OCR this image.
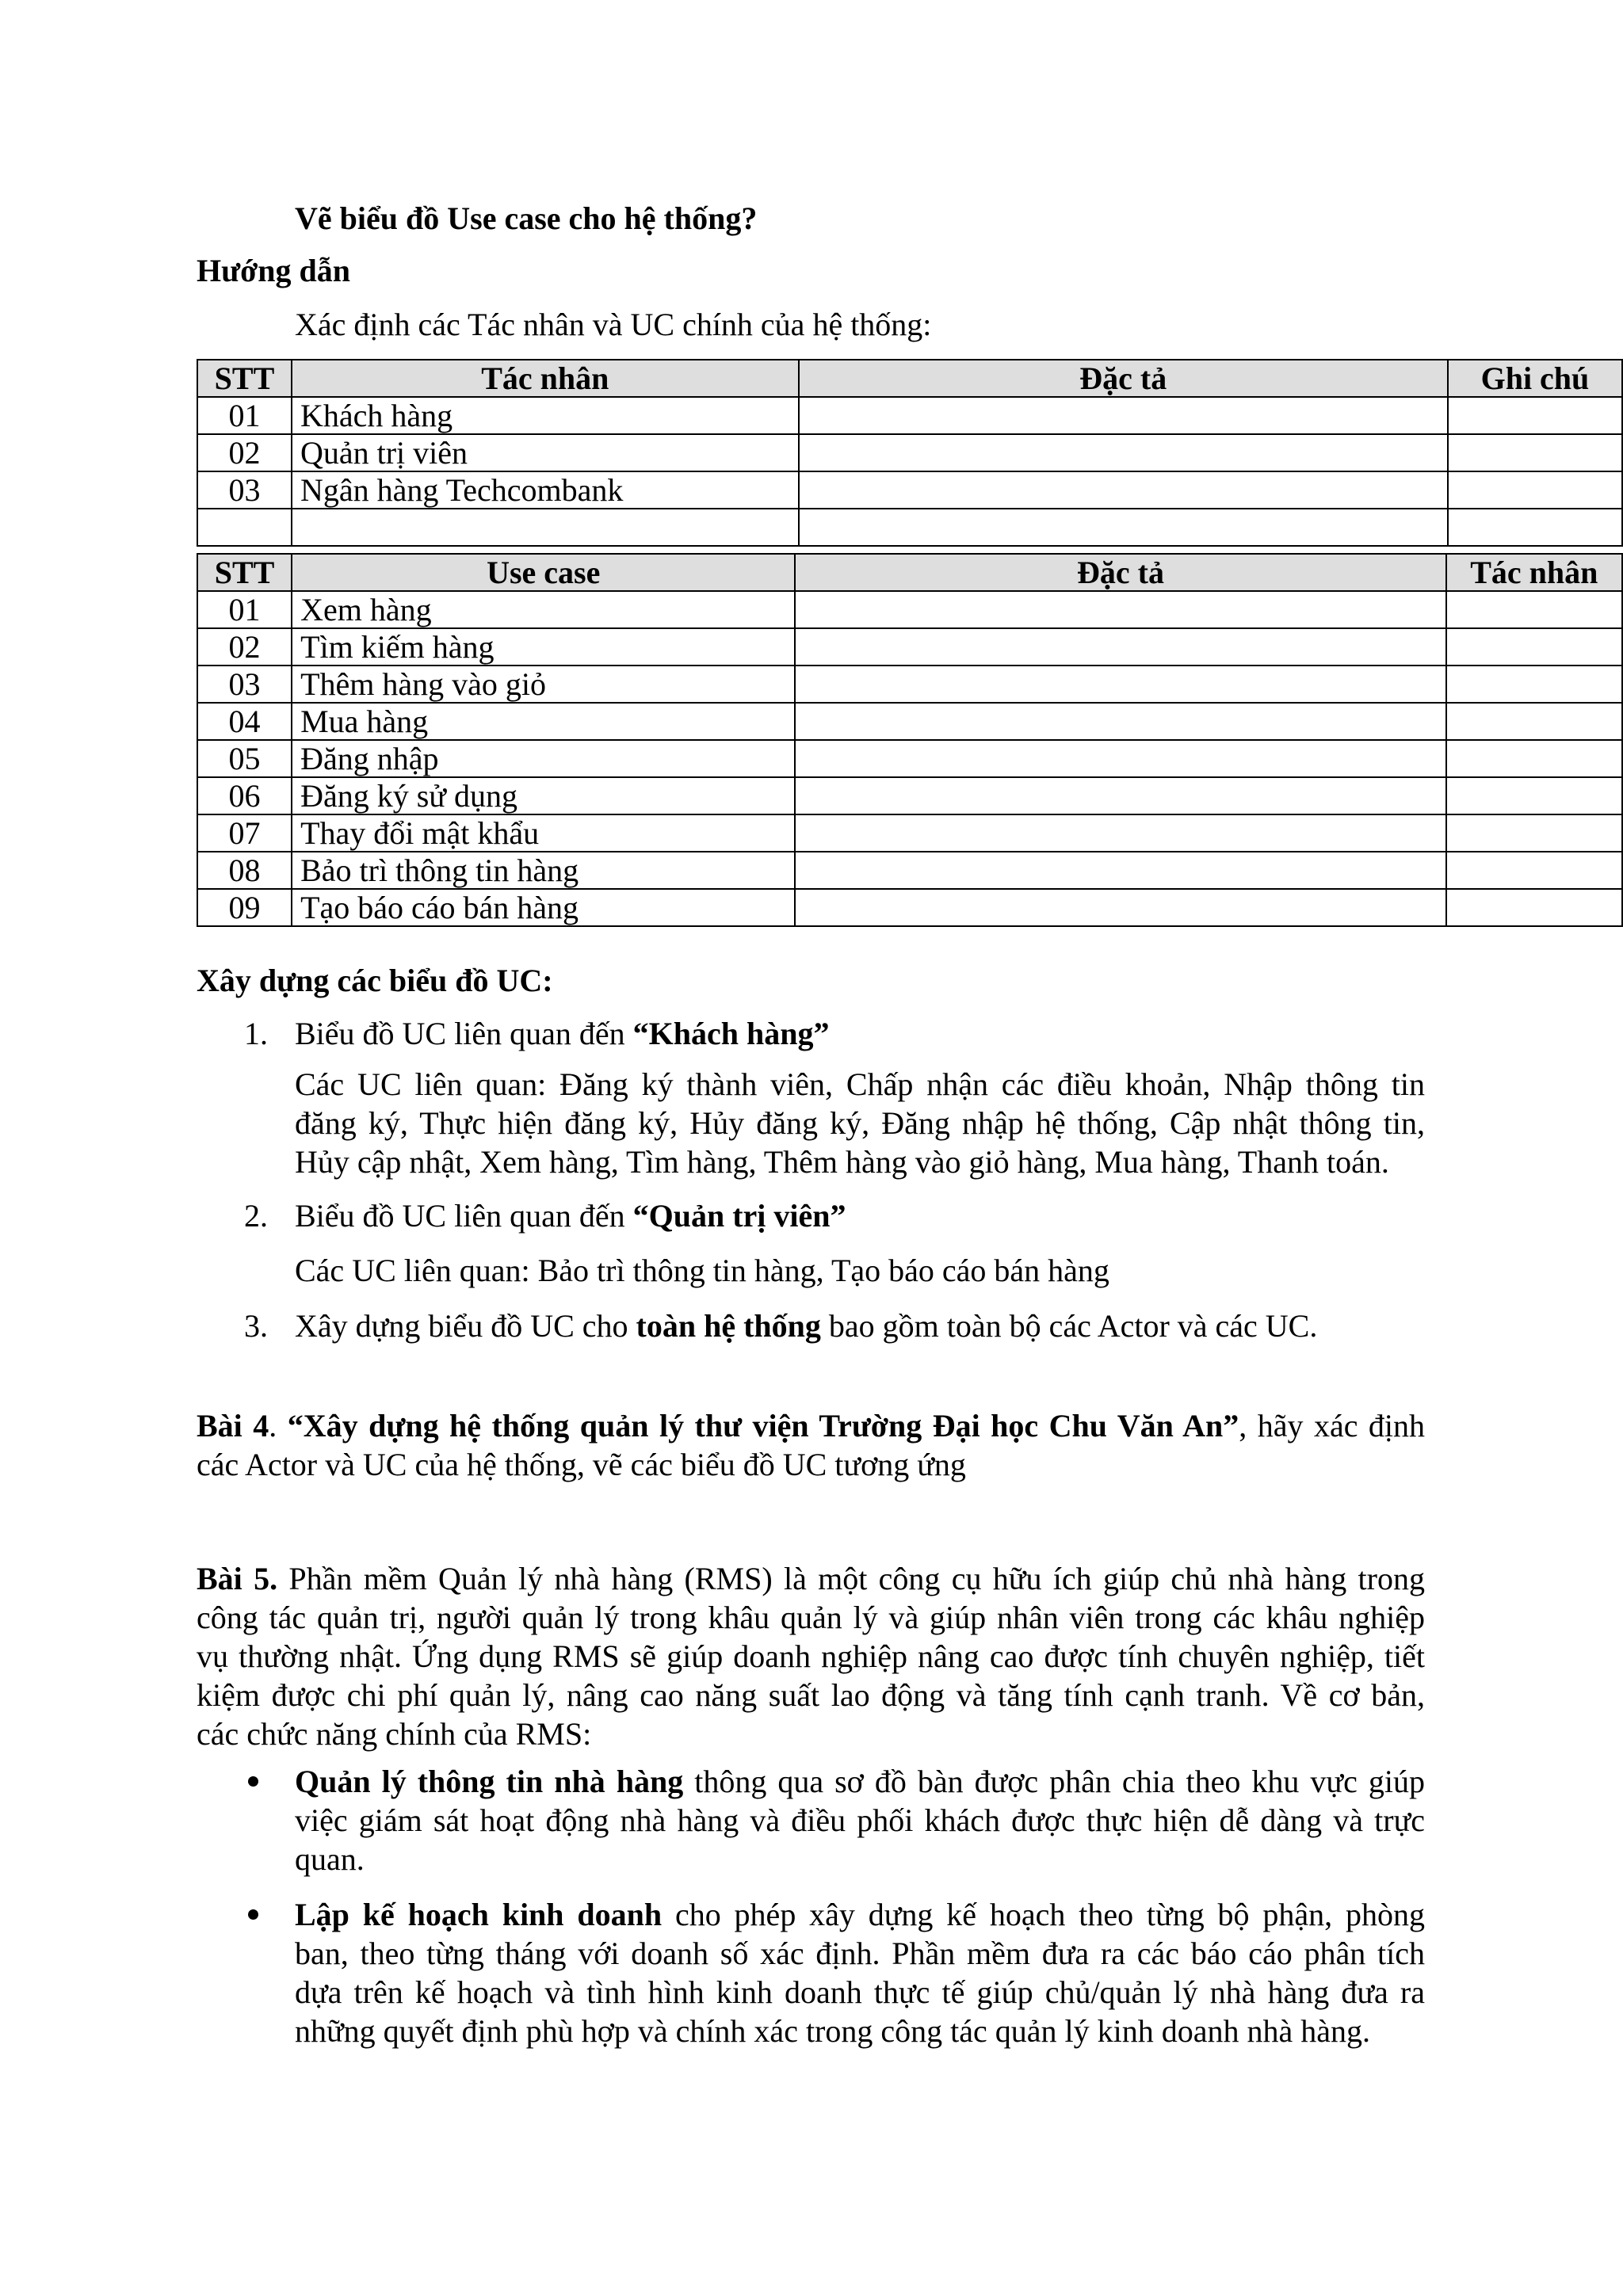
Vẽ biểu đồ Use case cho hệ thống?
Hướng dẫn
Xác định các Tác nhân và UC chính của hệ thống:
STT	Tác nhân	Đặc tả	Ghi chú
01	Khách hàng		
02	Quản trị viên		
03	Ngân hàng Techcombank		

STT	Use case	Đặc tả	Tác nhân
01	Xem hàng		
02	Tìm kiếm hàng		
03	Thêm hàng vào giỏ		
04	Mua hàng		
05	Đăng nhập		
06	Đăng ký sử dụng		
07	Thay đổi mật khẩu		
08	Bảo trì thông tin hàng		
09	Tạo báo cáo bán hàng		
Xây dựng các biểu đồ UC:
1. Biểu đồ UC liên quan đến “Khách hàng”
Các UC liên quan: Đăng ký thành viên, Chấp nhận các điều khoản, Nhập thông tin
đăng ký, Thực hiện đăng ký, Hủy đăng ký, Đăng nhập hệ thống, Cập nhật thông tin,
Hủy cập nhật, Xem hàng, Tìm hàng, Thêm hàng vào giỏ hàng, Mua hàng, Thanh toán.
2. Biểu đồ UC liên quan đến “Quản trị viên”
Các UC liên quan: Bảo trì thông tin hàng, Tạo báo cáo bán hàng
3. Xây dựng biểu đồ UC cho toàn hệ thống bao gồm toàn bộ các Actor và các UC.
Bài 4. “Xây dựng hệ thống quản lý thư viện Trường Đại học Chu Văn An”, hãy xác định
các Actor và UC của hệ thống, vẽ các biểu đồ UC tương ứng
Bài 5. Phần mềm Quản lý nhà hàng (RMS) là một công cụ hữu ích giúp chủ nhà hàng trong
công tác quản trị, người quản lý trong khâu quản lý và giúp nhân viên trong các khâu nghiệp
vụ thường nhật. Ứng dụng RMS sẽ giúp doanh nghiệp nâng cao được tính chuyên nghiệp, tiết
kiệm được chi phí quản lý, nâng cao năng suất lao động và tăng tính cạnh tranh. Về cơ bản,
các chức năng chính của RMS:
Quản lý thông tin nhà hàng thông qua sơ đồ bàn được phân chia theo khu vực giúp
việc giám sát hoạt động nhà hàng và điều phối khách được thực hiện dễ dàng và trực
quan.
Lập kế hoạch kinh doanh cho phép xây dựng kế hoạch theo từng bộ phận, phòng
ban, theo từng tháng với doanh số xác định. Phần mềm đưa ra các báo cáo phân tích
dựa trên kế hoạch và tình hình kinh doanh thực tế giúp chủ/quản lý nhà hàng đưa ra
những quyết định phù hợp và chính xác trong công tác quản lý kinh doanh nhà hàng.
